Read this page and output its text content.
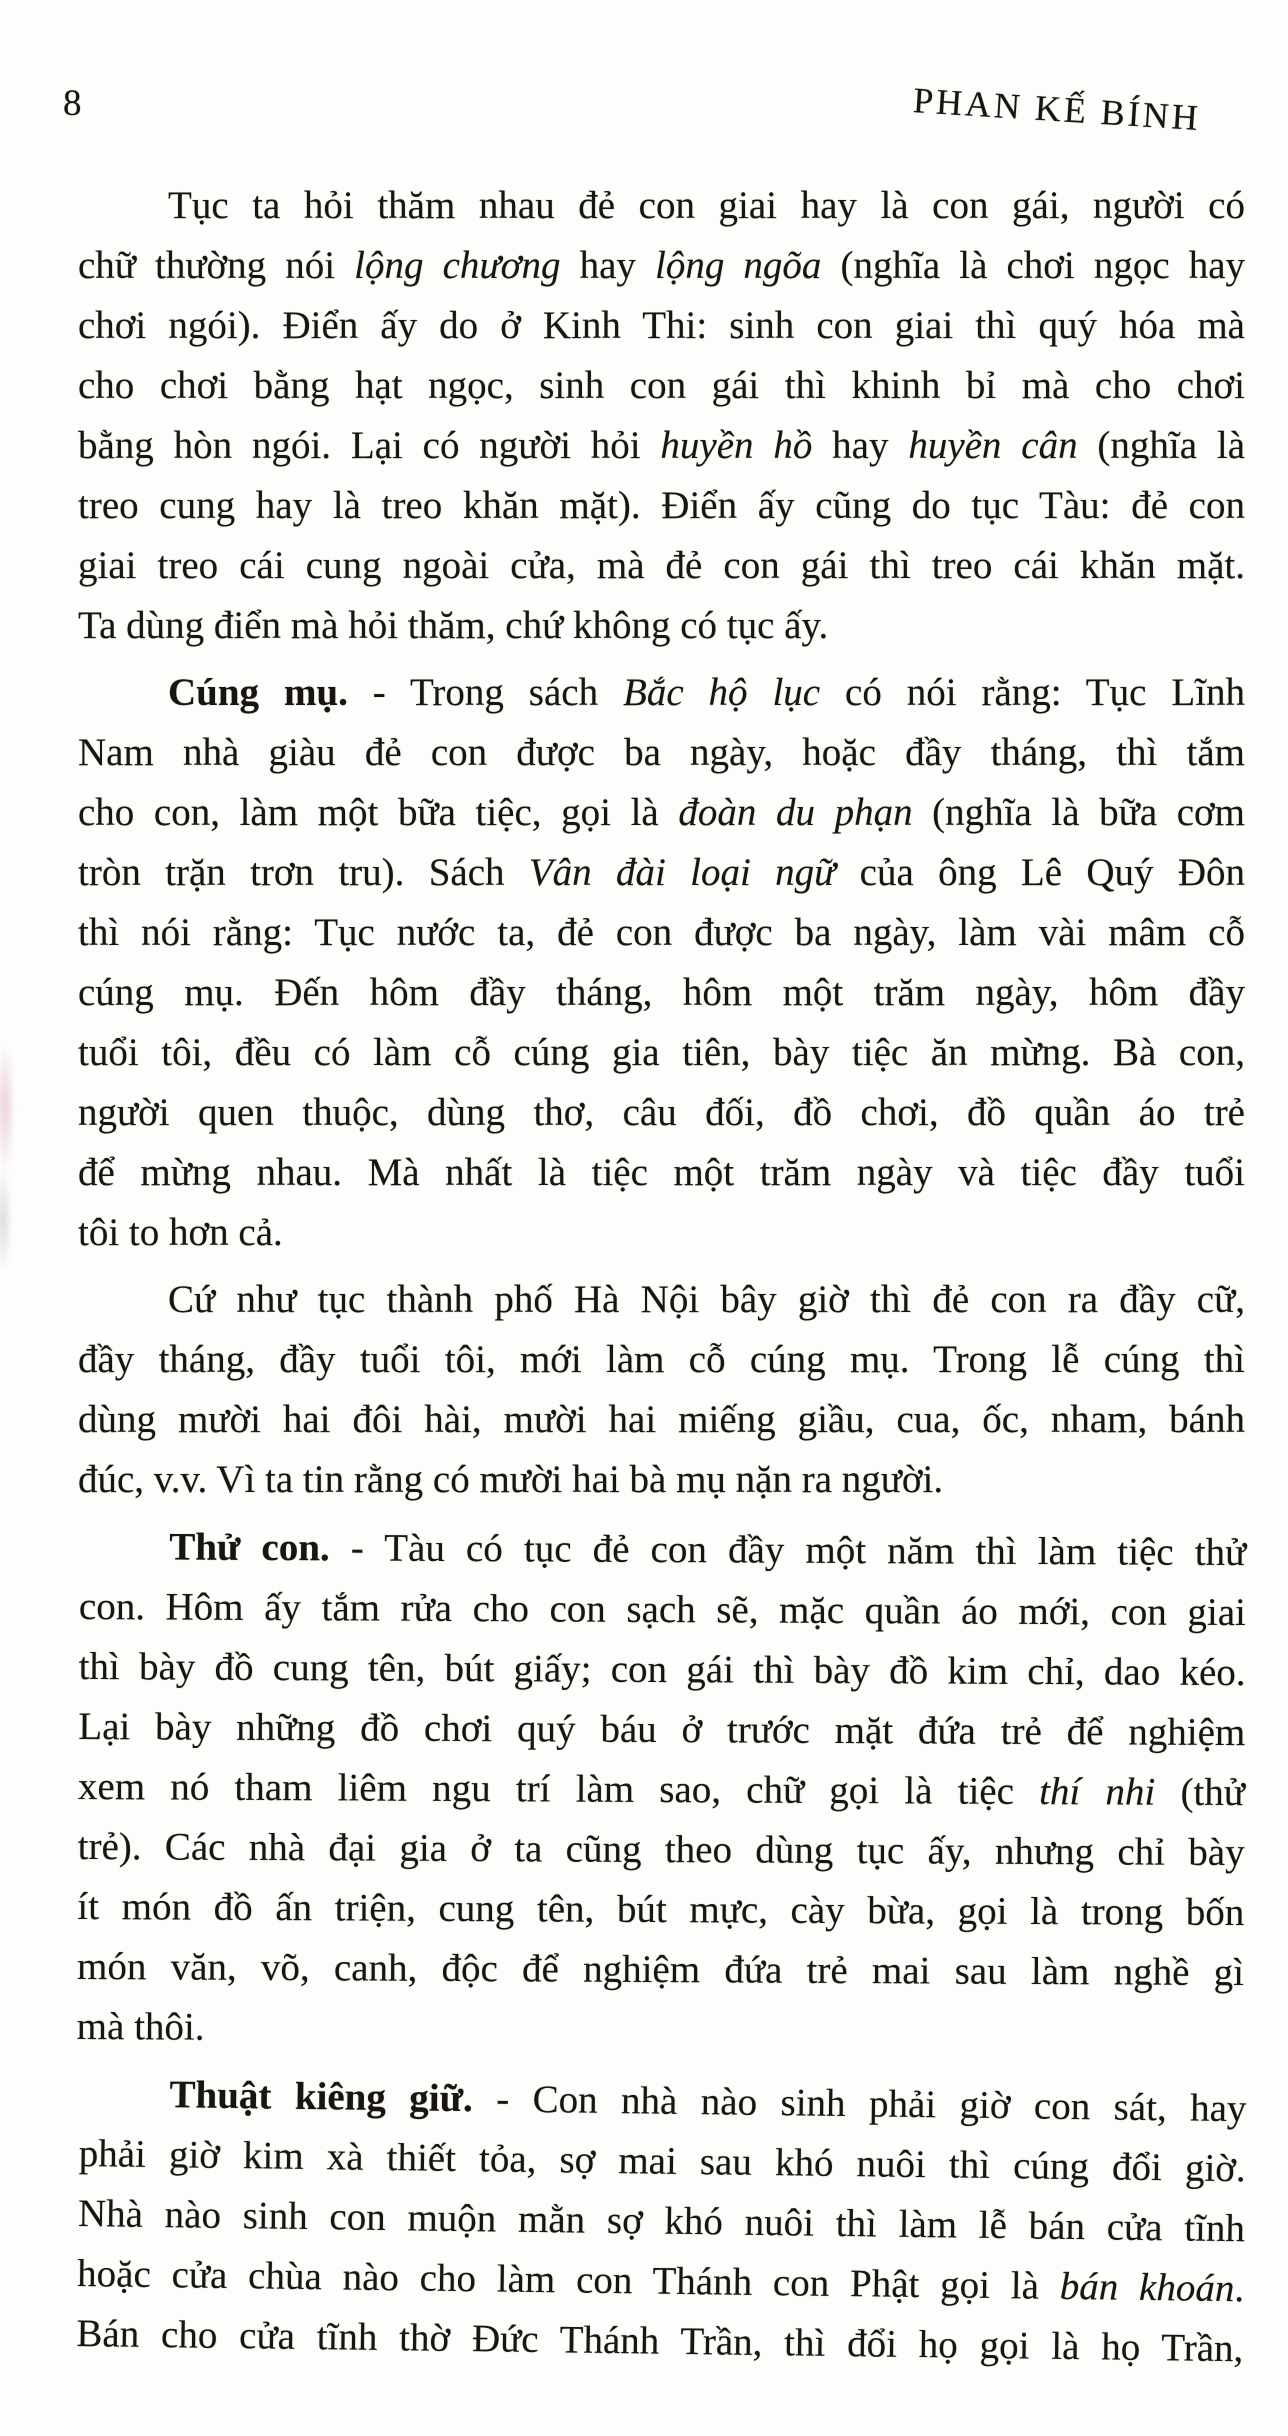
8	PHAN KẾ BÍNH

Tục ta hỏi thăm nhau đẻ con giai hay là con gái, người có
chữ thường nói lộng chương hay lộng ngõa (nghĩa là chơi ngọc hay
chơi ngói). Điển ấy do ở Kinh Thi: sinh con giai thì quý hóa mà
cho chơi bằng hạt ngọc, sinh con gái thì khinh bỉ mà cho chơi
bằng hòn ngói. Lại có người hỏi huyền hồ hay huyền cân (nghĩa là
treo cung hay là treo khăn mặt). Điển ấy cũng do tục Tàu: đẻ con
giai treo cái cung ngoài cửa, mà đẻ con gái thì treo cái khăn mặt.
Ta dùng điển mà hỏi thăm, chứ không có tục ấy.

Cúng mụ. - Trong sách Bắc hộ lục có nói rằng: Tục Lĩnh
Nam nhà giàu đẻ con được ba ngày, hoặc đầy tháng, thì tắm
cho con, làm một bữa tiệc, gọi là đoàn du phạn (nghĩa là bữa cơm
tròn trặn trơn tru). Sách Vân đài loại ngữ của ông Lê Quý Đôn
thì nói rằng: Tục nước ta, đẻ con được ba ngày, làm vài mâm cỗ
cúng mụ. Đến hôm đầy tháng, hôm một trăm ngày, hôm đầy
tuổi tôi, đều có làm cỗ cúng gia tiên, bày tiệc ăn mừng. Bà con,
người quen thuộc, dùng thơ, câu đối, đồ chơi, đồ quần áo trẻ
để mừng nhau. Mà nhất là tiệc một trăm ngày và tiệc đầy tuổi
tôi to hơn cả.

Cứ như tục thành phố Hà Nội bây giờ thì đẻ con ra đầy cữ,
đầy tháng, đầy tuổi tôi, mới làm cỗ cúng mụ. Trong lễ cúng thì
dùng mười hai đôi hài, mười hai miếng giầu, cua, ốc, nham, bánh
đúc, v.v. Vì ta tin rằng có mười hai bà mụ nặn ra người.

Thử con. - Tàu có tục đẻ con đầy một năm thì làm tiệc thử
con. Hôm ấy tắm rửa cho con sạch sẽ, mặc quần áo mới, con giai
thì bày đồ cung tên, bút giấy; con gái thì bày đồ kim chỉ, dao kéo.
Lại bày những đồ chơi quý báu ở trước mặt đứa trẻ để nghiệm
xem nó tham liêm ngu trí làm sao, chữ gọi là tiệc thí nhi (thử
trẻ). Các nhà đại gia ở ta cũng theo dùng tục ấy, nhưng chỉ bày
ít món đồ ấn triện, cung tên, bút mực, cày bừa, gọi là trong bốn
món văn, võ, canh, độc để nghiệm đứa trẻ mai sau làm nghề gì
mà thôi.

Thuật kiêng giữ. - Con nhà nào sinh phải giờ con sát, hay
phải giờ kim xà thiết tỏa, sợ mai sau khó nuôi thì cúng đổi giờ.
Nhà nào sinh con muộn mằn sợ khó nuôi thì làm lễ bán cửa tĩnh
hoặc cửa chùa nào cho làm con Thánh con Phật gọi là bán khoán.
Bán cho cửa tĩnh thờ Đức Thánh Trần, thì đổi họ gọi là họ Trần,
